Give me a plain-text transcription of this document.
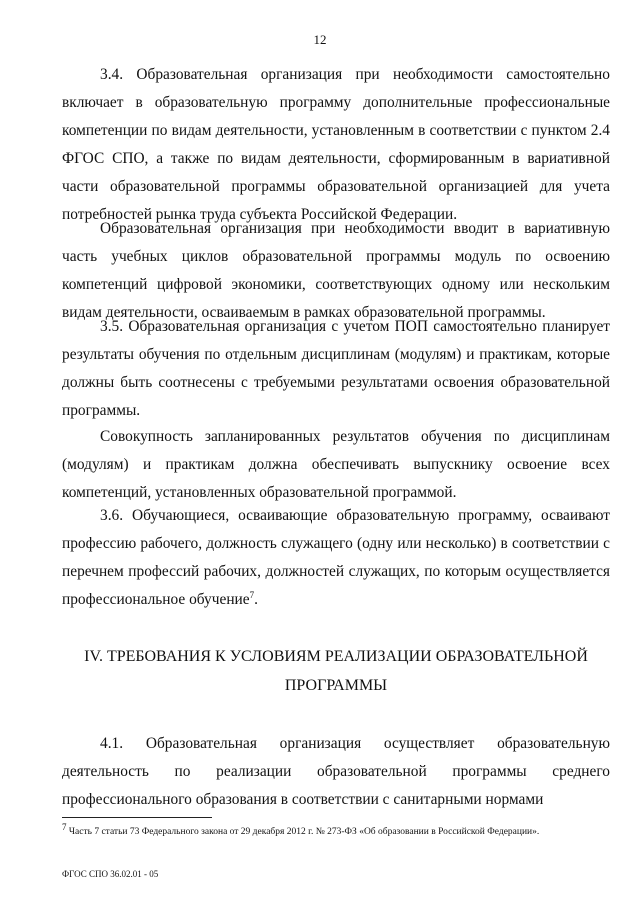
12

3.4. Образовательная организация при необходимости самостоятельно включает в образовательную программу дополнительные профессиональные компетенции по видам деятельности, установленным в соответствии с пунктом 2.4 ФГОС СПО, а также по видам деятельности, сформированным в вариативной части образовательной программы образовательной организацией для учета потребностей рынка труда субъекта Российской Федерации.

Образовательная организация при необходимости вводит в вариативную часть учебных циклов образовательной программы модуль по освоению компетенций цифровой экономики, соответствующих одному или нескольким видам деятельности, осваиваемым в рамках образовательной программы.

3.5. Образовательная организация с учетом ПОП самостоятельно планирует результаты обучения по отдельным дисциплинам (модулям) и практикам, которые должны быть соотнесены с требуемыми результатами освоения образовательной программы.

Совокупность запланированных результатов обучения по дисциплинам (модулям) и практикам должна обеспечивать выпускнику освоение всех компетенций, установленных образовательной программой.

3.6. Обучающиеся, осваивающие образовательную программу, осваивают профессию рабочего, должность служащего (одну или несколько) в соответствии с перечнем профессий рабочих, должностей служащих, по которым осуществляется профессиональное обучение$^7$.

IV. ТРЕБОВАНИЯ К УСЛОВИЯМ РЕАЛИЗАЦИИ ОБРАЗОВАТЕЛЬНОЙ
ПРОГРАММЫ

4.1. Образовательная организация осуществляет образовательную деятельность по реализации образовательной программы среднего профессионального образования в соответствии с санитарными нормами

7 Часть 7 статьи 73 Федерального закона от 29 декабря 2012 г. № 273-ФЗ «Об образовании в Российской Федерации».
ФГОС СПО 36.02.01 - 05
